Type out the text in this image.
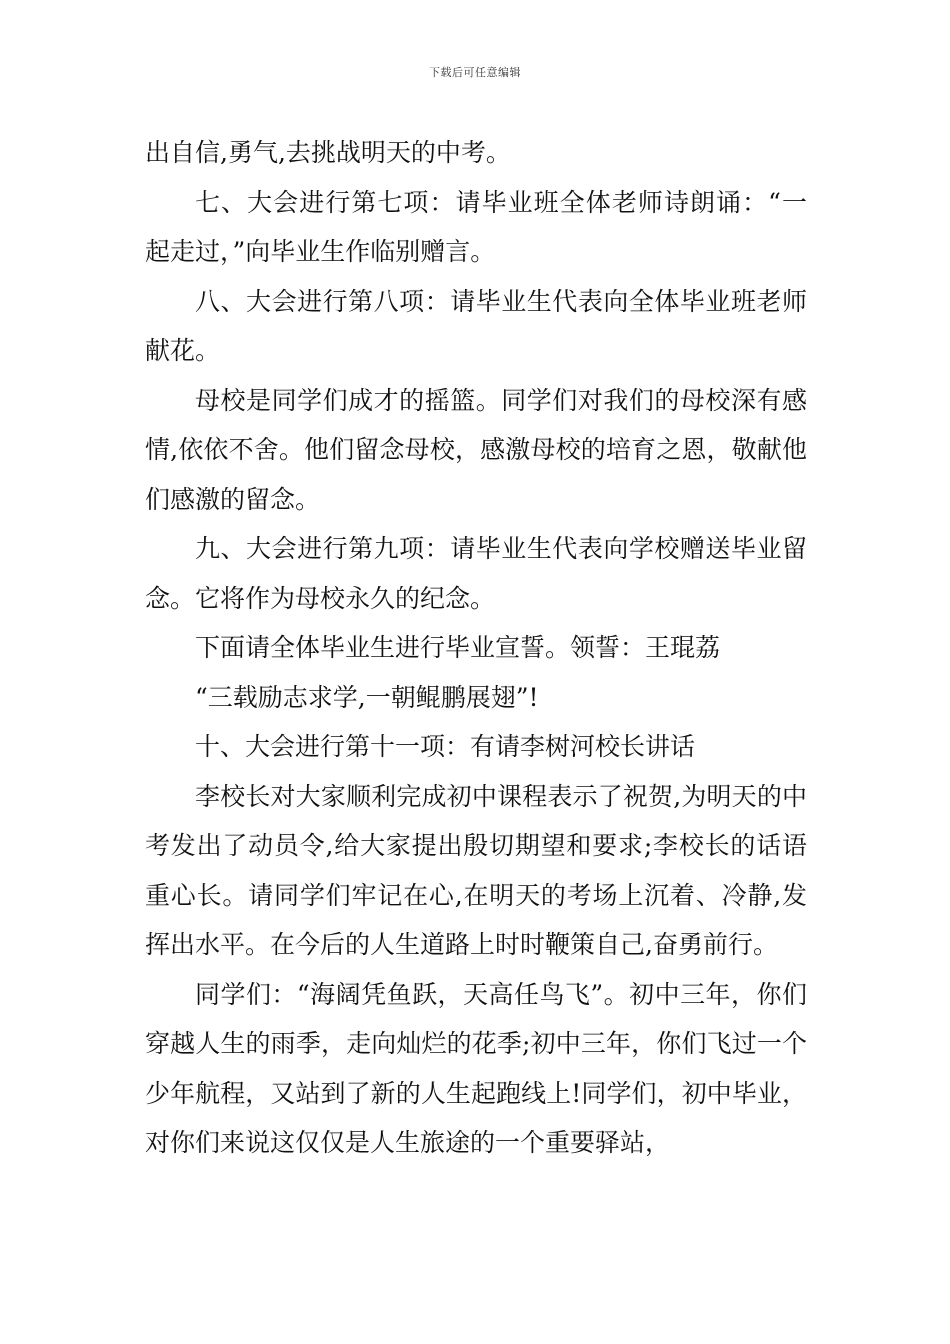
下载后可任意编辑

出自信,勇气,去挑战明天的中考。

七、大会进行第七项：请毕业班全体老师诗朗诵：“一起走过，”向毕业生作临别赠言。

八、大会进行第八项：请毕业生代表向全体毕业班老师献花。

母校是同学们成才的摇篮。同学们对我们的母校深有感情,依依不舍。他们留念母校，感激母校的培育之恩，敬献他们感激的留念。

九、大会进行第九项：请毕业生代表向学校赠送毕业留念。它将作为母校永久的纪念。

下面请全体毕业生进行毕业宣誓。领誓：王琨荔

“三载励志求学,一朝鲲鹏展翅”!

十、大会进行第十一项：有请李树河校长讲话

李校长对大家顺利完成初中课程表示了祝贺,为明天的中考发出了动员令,给大家提出殷切期望和要求;李校长的话语重心长。请同学们牢记在心,在明天的考场上沉着、冷静,发挥出水平。在今后的人生道路上时时鞭策自己,奋勇前行。

同学们：“海阔凭鱼跃，天高任鸟飞”。初中三年，你们穿越人生的雨季，走向灿烂的花季;初中三年，你们飞过一个少年航程，又站到了新的人生起跑线上!同学们，初中毕业，对你们来说这仅仅是人生旅途的一个重要驿站，
